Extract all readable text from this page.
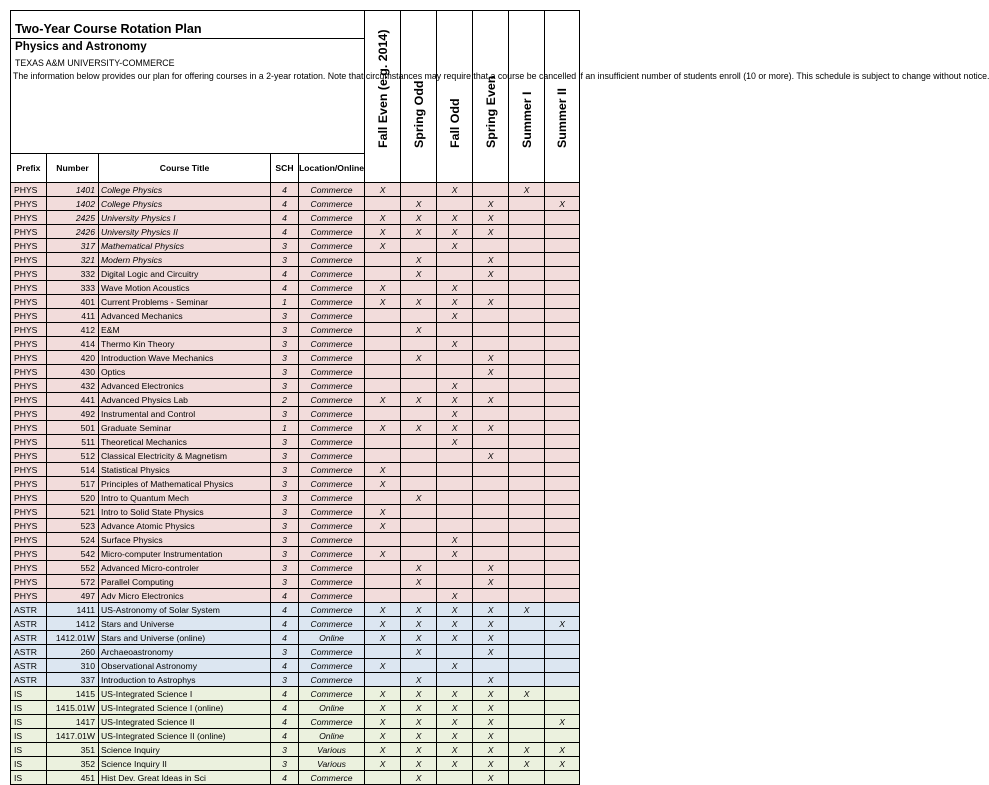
Two-Year Course Rotation Plan
Physics and Astronomy
TEXAS A&M UNIVERSITY-COMMERCE
The information below provides our plan for offering courses in a 2-year rotation. Note that circumstances may require that a course be cancelled if an insufficient number of students enroll (10 or more). This schedule is subject to change without notice.					Fall Even (e.g. 2014)	Spring Odd	Fall Odd	Spring Even	Summer I	Summer II

Prefix	Number	Course Title	SCH	Location/Online						
PHYS	1401	College Physics	4	Commerce	X		X		X	
PHYS	1402	College Physics	4	Commerce		X		X		X
PHYS	2425	University Physics I	4	Commerce	X	X	X	X		
PHYS	2426	University Physics II	4	Commerce	X	X	X	X		
PHYS	317	Mathematical Physics	3	Commerce	X		X			
PHYS	321	Modern Physics	3	Commerce		X		X		
PHYS	332	Digital Logic and Circuitry	4	Commerce		X		X		
PHYS	333	Wave Motion Acoustics	4	Commerce	X		X			
PHYS	401	Current Problems - Seminar	1	Commerce	X	X	X	X		
PHYS	411	Advanced Mechanics	3	Commerce			X			
PHYS	412	E&M	3	Commerce		X				
PHYS	414	Thermo Kin Theory	3	Commerce			X			
PHYS	420	Introduction Wave Mechanics	3	Commerce		X		X		
PHYS	430	Optics	3	Commerce				X		
PHYS	432	Advanced Electronics	3	Commerce			X			
PHYS	441	Advanced Physics Lab	2	Commerce	X	X	X	X		
PHYS	492	Instrumental and Control	3	Commerce			X			
PHYS	501	Graduate Seminar	1	Commerce	X	X	X	X		
PHYS	511	Theoretical Mechanics	3	Commerce			X			
PHYS	512	Classical Electricity & Magnetism	3	Commerce				X		
PHYS	514	Statistical Physics	3	Commerce	X					
PHYS	517	Principles of Mathematical Physics	3	Commerce	X					
PHYS	520	Intro to Quantum Mech	3	Commerce		X				
PHYS	521	Intro to Solid State Physics	3	Commerce	X					
PHYS	523	Advance Atomic Physics	3	Commerce	X					
PHYS	524	Surface Physics	3	Commerce			X			
PHYS	542	Micro-computer Instrumentation	3	Commerce	X		X			
PHYS	552	Advanced Micro-controler	3	Commerce		X		X		
PHYS	572	Parallel Computing	3	Commerce		X		X		
PHYS	497	Adv Micro Electronics	4	Commerce			X			
ASTR	1411	US-Astronomy of Solar System	4	Commerce	X	X	X	X	X	
ASTR	1412	Stars and Universe	4	Commerce	X	X	X	X		X
ASTR	1412.01W	Stars and Universe (online)	4	Online	X	X	X	X		
ASTR	260	Archaeoastronomy	3	Commerce		X		X		
ASTR	310	Observational Astronomy	4	Commerce	X		X			
ASTR	337	Introduction to Astrophys	3	Commerce		X		X		
IS	1415	US-Integrated Science I	4	Commerce	X	X	X	X	X	
IS	1415.01W	US-Integrated Science I (online)	4	Online	X	X	X	X		
IS	1417	US-Integrated Science II	4	Commerce	X	X	X	X		X
IS	1417.01W	US-Integrated Science II (online)	4	Online	X	X	X	X		
IS	351	Science Inquiry	3	Various	X	X	X	X	X	X
IS	352	Science Inquiry II	3	Various	X	X	X	X	X	X
IS	451	Hist Dev. Great Ideas in Sci	4	Commerce		X		X		
